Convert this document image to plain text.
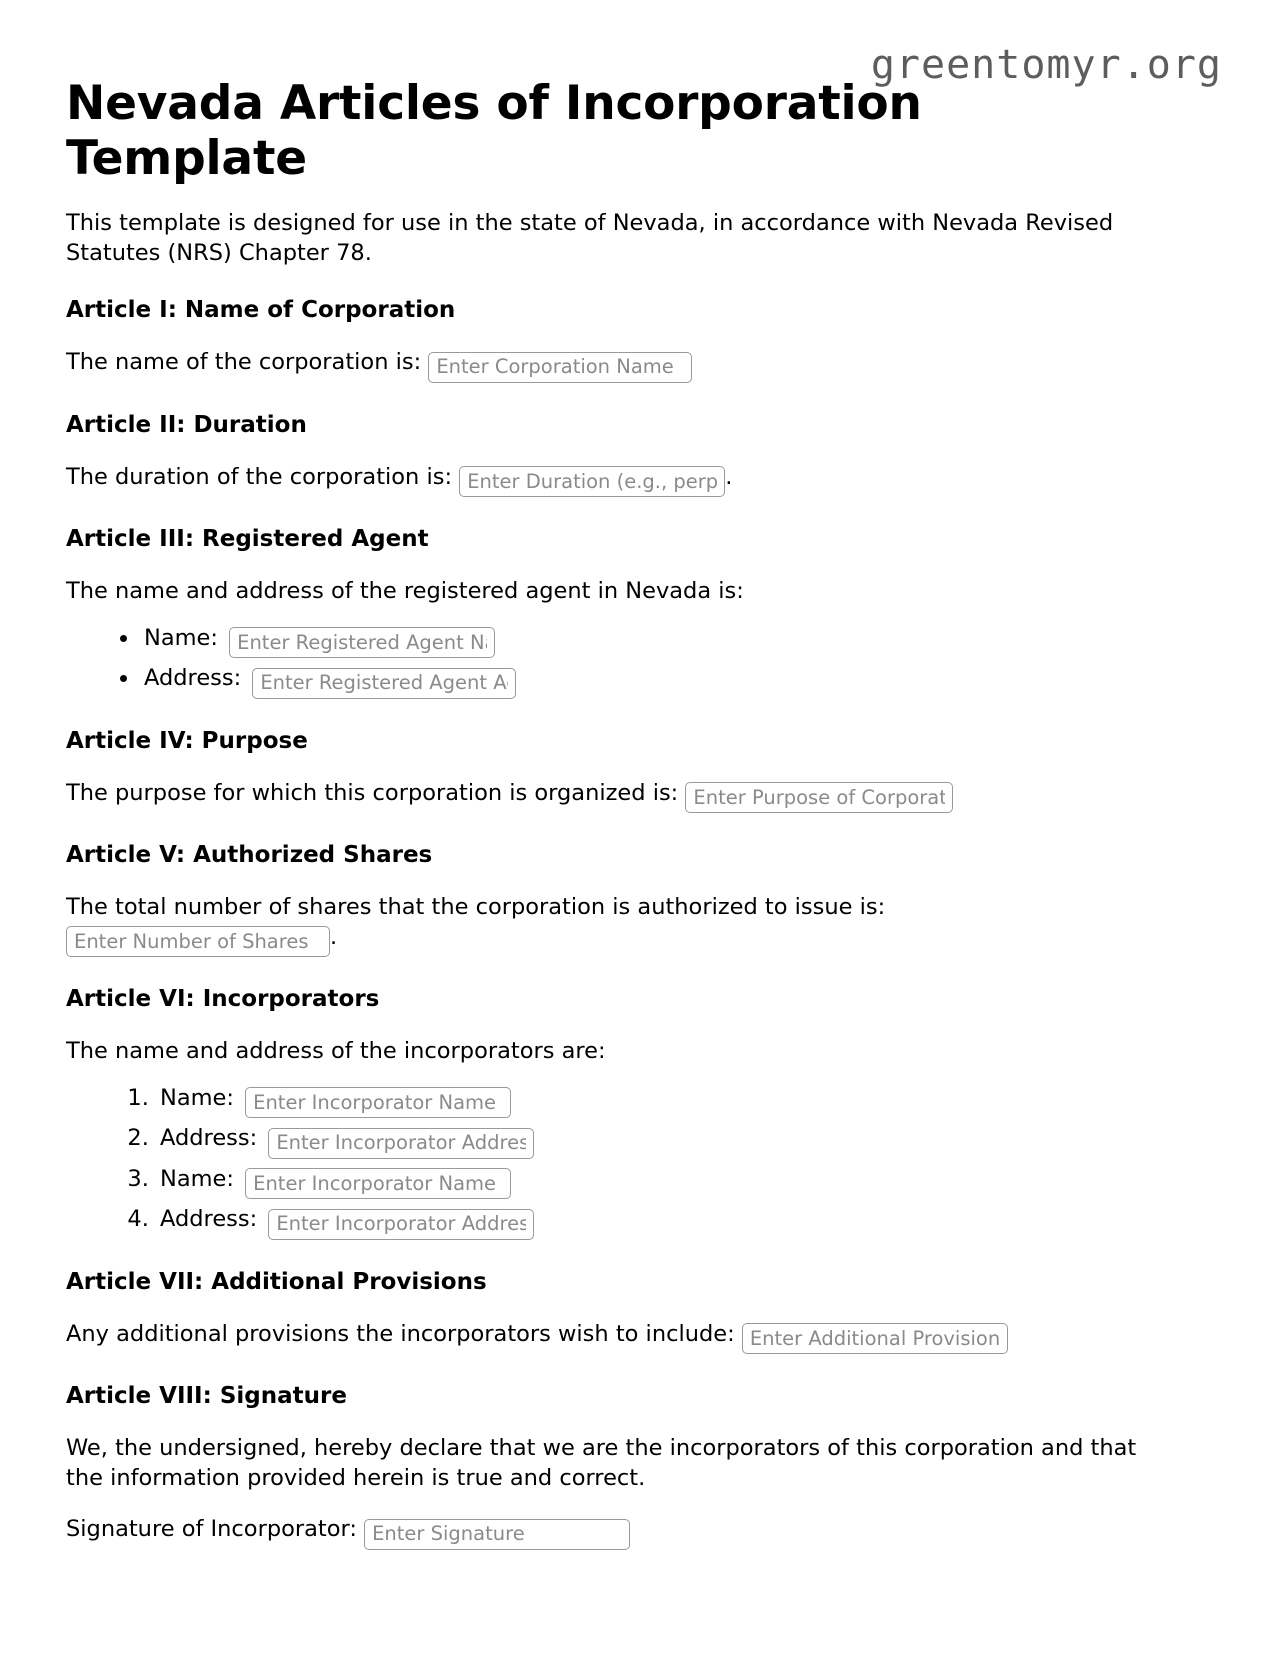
greentomyr.org
Nevada Articles of Incorporation Template

This template is designed for use in the state of Nevada, in accordance with Nevada Revised Statutes (NRS) Chapter 78.

Article I: Name of Corporation

The name of the corporation is: Enter Corporation Name

Article II: Duration

The duration of the corporation is: Enter Duration (e.g., perpetual)	.

Article III: Registered Agent

The name and address of the registered agent in Nevada is:

• Name: Enter Registered Agent Name
• Address: Enter Registered Agent Address
Article IV: Purpose

The purpose for which this corporation is organized is: Enter Purpose of Corporation

Article V: Authorized Shares

The total number of shares that the corporation is authorized to issue is: Enter Number of Shares.

Article VI: Incorporators

The name and address of the incorporators are:

1. Name: Enter Incorporator Name 1
2. Address: Enter Incorporator Address 1
3. Name: Enter Incorporator Name 2
4. Address: Enter Incorporator Address 2
Article VII: Additional Provisions

Any additional provisions the incorporators wish to include: Enter Additional Provisions

Article VIII: Signature

We, the undersigned, hereby declare that we are the incorporators of this corporation and that the information provided herein is true and correct.

Signature of Incorporator: Enter Signature
